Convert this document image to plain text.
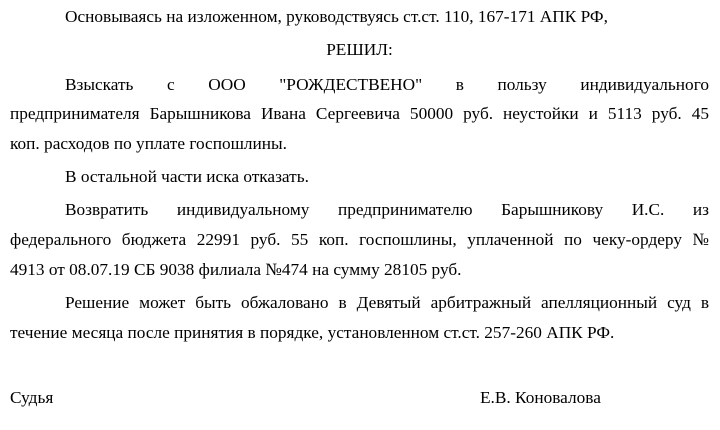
Основываясь на изложенном, руководствуясь ст.ст. 110, 167-171 АПК РФ,
РЕШИЛ:
Взыскать с ООО "РОЖДЕСТВЕНО" в пользу индивидуального
предпринимателя Барышникова Ивана Сергеевича 50000 руб. неустойки и 5113 руб. 45
коп. расходов по уплате госпошлины.
В остальной части иска отказать.
Возвратить индивидуальному предпринимателю Барышникову И.С. из
федерального бюджета 22991 руб. 55 коп. госпошлины, уплаченной по чеку-ордеру №
4913 от 08.07.19 СБ 9038 филиала №474 на сумму 28105 руб.
Решение может быть обжаловано в Девятый арбитражный апелляционный суд в
течение месяца после принятия в порядке, установленном ст.ст. 257-260 АПК РФ.
Судья	Е.В. Коновалова
